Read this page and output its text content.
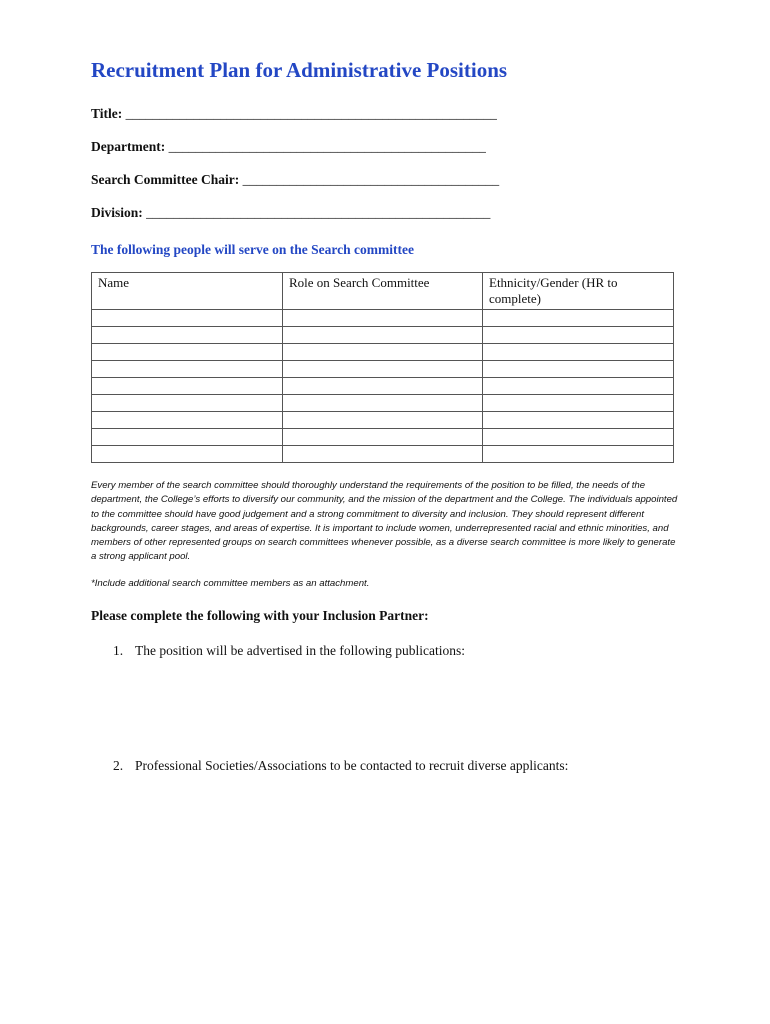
Recruitment Plan for Administrative Positions
Title: _______________________________________________________
Department: _______________________________________________
Search Committee Chair: ______________________________________
Division: ___________________________________________________
The following people will serve on the Search committee
Name	Role on Search Committee	Ethnicity/Gender (HR to complete)

Every member of the search committee should thoroughly understand the requirements of the position to be filled, the needs of the department, the College’s efforts to diversify our community, and the mission of the department and the College. The individuals appointed to the committee should have good judgement and a strong commitment to diversity and inclusion. They should represent different backgrounds, career stages, and areas of expertise. It is important to include women, underrepresented racial and ethnic minorities, and members of other represented groups on search committees whenever possible, as a diverse search committee is more likely to generate a strong applicant pool.
*Include additional search committee members as an attachment.
Please complete the following with your Inclusion Partner:
1. The position will be advertised in the following publications:
2. Professional Societies/Associations to be contacted to recruit diverse applicants:
